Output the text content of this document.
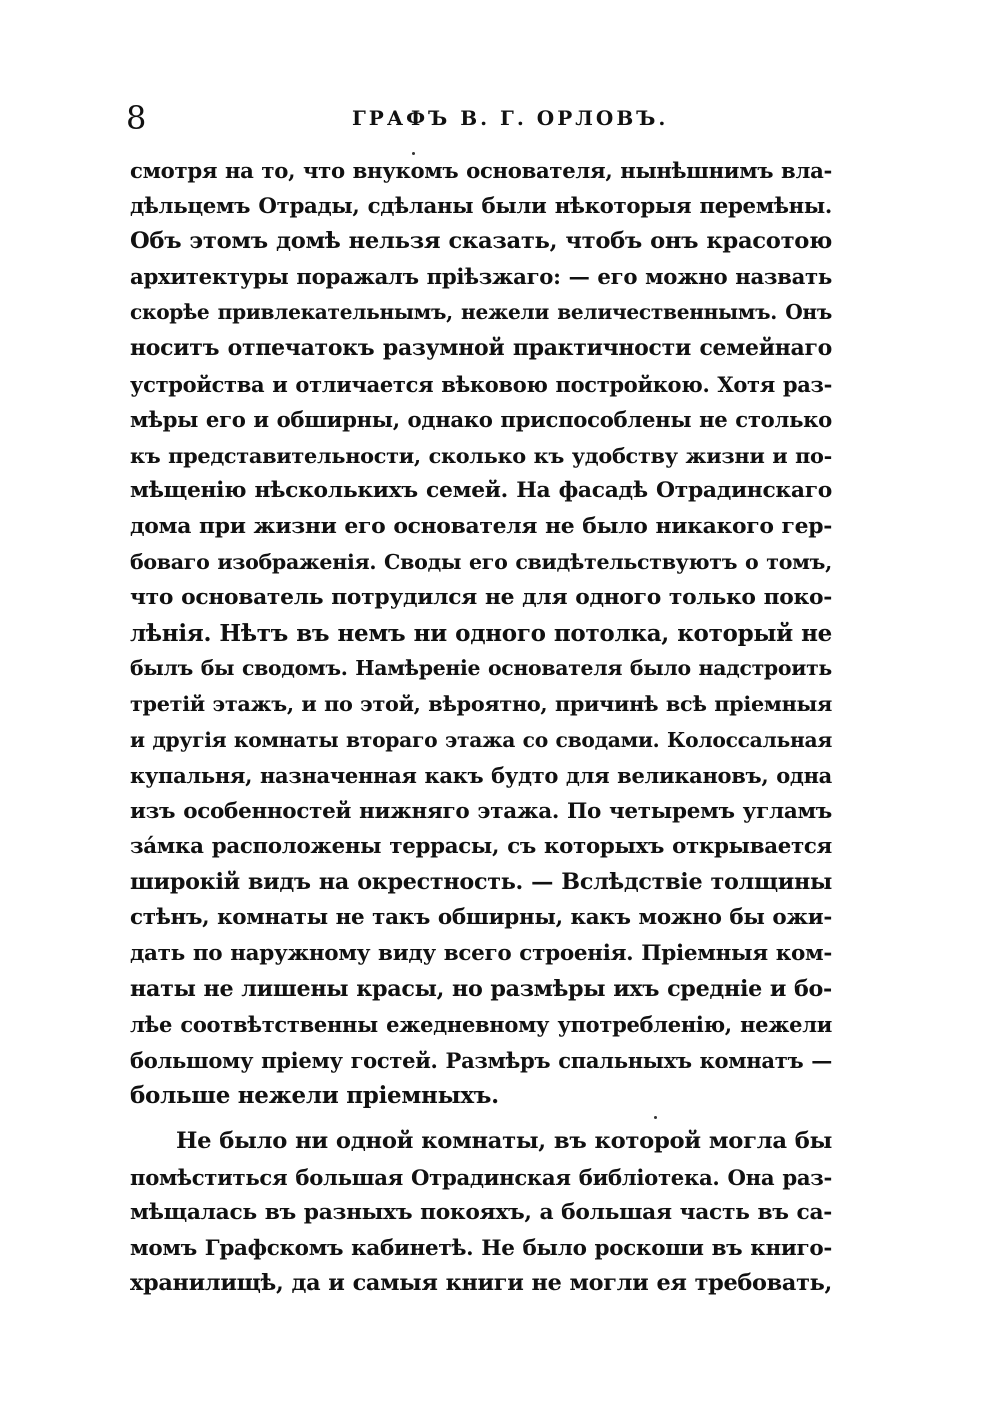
8	ГРАФЪ В. Г. ОРЛОВЪ.
смотря на то, что внукомъ основателя, нынѣшнимъ вла-
дѣльцемъ Отрады, сдѣланы были нѣкоторыя перемѣны.
Объ этомъ домѣ нельзя сказать, чтобъ онъ красотою
архитектуры поражалъ пріѣзжаго: — его можно назвать
скорѣе привлекательнымъ, нежели величественнымъ. Онъ
носитъ отпечатокъ разумной практичности семейнаго
устройства и отличается вѣковою постройкою. Хотя раз-
мѣры его и обширны, однако приспособлены не столько
къ представительности, сколько къ удобству жизни и по-
мѣщенію нѣсколькихъ семей. На фасадѣ Отрадинскаго
дома при жизни его основателя не было никакого гер-
боваго изображенія. Своды его свидѣтельствуютъ о томъ,
что основатель потрудился не для одного только поко-
лѣнія. Нѣтъ въ немъ ни одного потолка, который не
былъ бы сводомъ. Намѣреніе основателя было надстроить
третій этажъ, и по этой, вѣроятно, причинѣ всѣ пріемныя
и другія комнаты втораго этажа со сводами. Колоссальная
купальня, назначенная какъ будто для великановъ, одна
изъ особенностей нижняго этажа. По четыремъ угламъ
зáмка расположены террасы, съ которыхъ открывается
широкій видъ на окрестность. — Вслѣдствіе толщины
стѣнъ, комнаты не такъ обширны, какъ можно бы ожи-
дать по наружному виду всего строенія. Пріемныя ком-
наты не лишены красы, но размѣры ихъ средніе и бо-
лѣе соотвѣтственны ежедневному употребленію, нежели
большому пріему гостей. Размѣръ спальныхъ комнатъ —
больше нежели пріемныхъ.
Не было ни одной комнаты, въ которой могла бы
помѣститься большая Отрадинская библіотека. Она раз-
мѣщалась въ разныхъ покояхъ, а большая часть въ са-
момъ Графскомъ кабинетѣ. Не было роскоши въ книго-
хранилищѣ, да и самыя книги не могли ея требовать,
